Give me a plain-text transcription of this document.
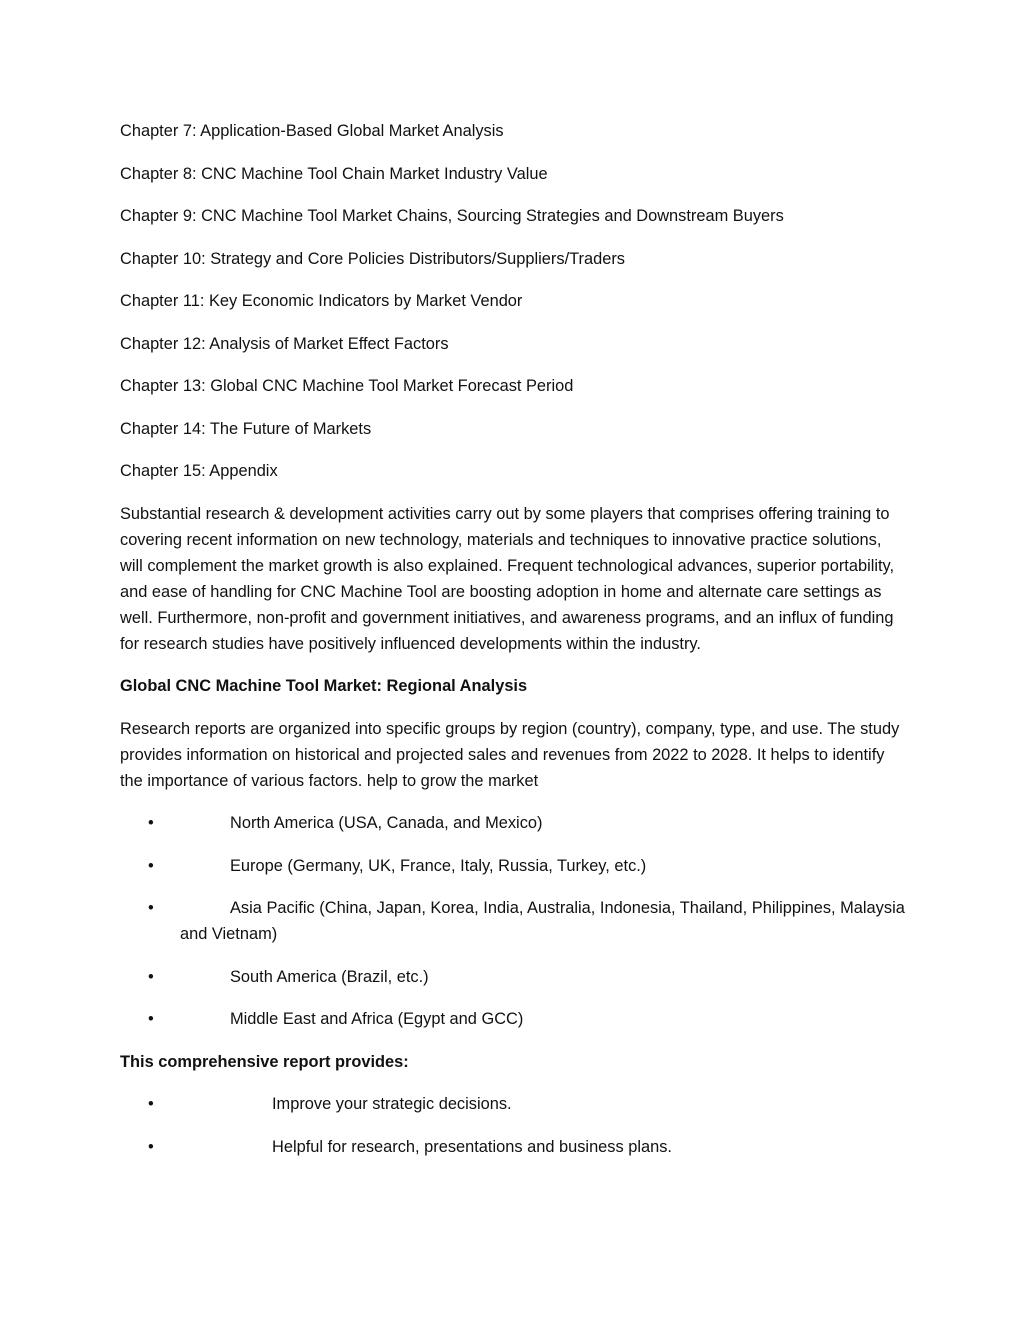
Chapter 7: Application-Based Global Market Analysis

Chapter 8: CNC Machine Tool Chain Market Industry Value

Chapter 9: CNC Machine Tool Market Chains, Sourcing Strategies and Downstream Buyers

Chapter 10: Strategy and Core Policies Distributors/Suppliers/Traders

Chapter 11: Key Economic Indicators by Market Vendor

Chapter 12: Analysis of Market Effect Factors

Chapter 13: Global CNC Machine Tool Market Forecast Period

Chapter 14: The Future of Markets

Chapter 15: Appendix

Substantial research & development activities carry out by some players that comprises offering training to covering recent information on new technology, materials and techniques to innovative practice solutions, will complement the market growth is also explained. Frequent technological advances, superior portability, and ease of handling for CNC Machine Tool are boosting adoption in home and alternate care settings as well. Furthermore, non-profit and government initiatives, and awareness programs, and an influx of funding for research studies have positively influenced developments within the industry.

Global CNC Machine Tool Market: Regional Analysis

Research reports are organized into specific groups by region (country), company, type, and use. The study provides information on historical and projected sales and revenues from 2022 to 2028. It helps to identify the importance of various factors. help to grow the market

•	North America (USA, Canada, and Mexico)
•	Europe (Germany, UK, France, Italy, Russia, Turkey, etc.)
•	Asia Pacific (China, Japan, Korea, India, Australia, Indonesia, Thailand, Philippines, Malaysia and Vietnam)
•	South America (Brazil, etc.)
•	Middle East and Africa (Egypt and GCC)

This comprehensive report provides:

•	Improve your strategic decisions.
•	Helpful for research, presentations and business plans.
